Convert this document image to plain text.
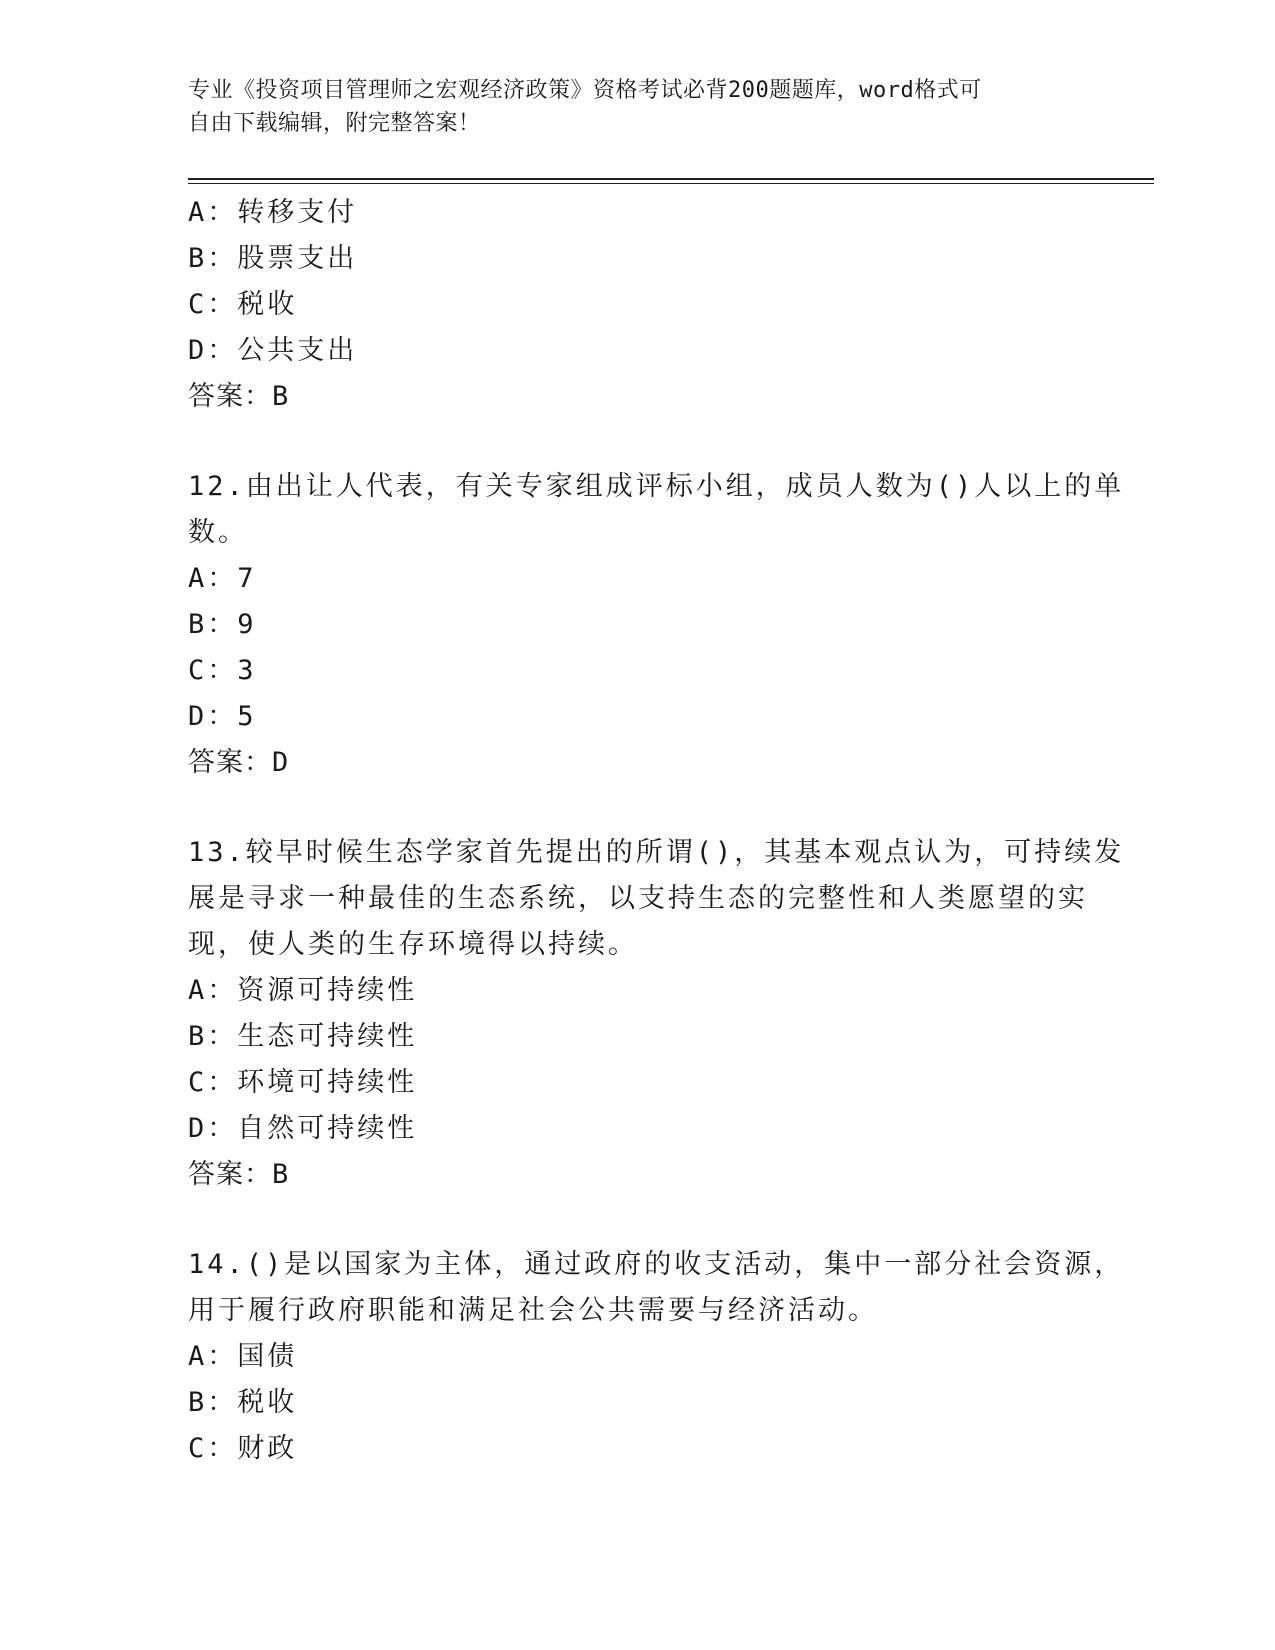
专业《投资项目管理师之宏观经济政策》资格考试必背200题题库，word格式可
自由下载编辑，附完整答案！
A：转移支付
B：股票支出
C：税收
D：公共支出
答案：B
12.由出让人代表，有关专家组成评标小组，成员人数为()人以上的单
数。
A：7
B：9
C：3
D：5
答案：D
13.较早时候生态学家首先提出的所谓()，其基本观点认为，可持续发
展是寻求一种最佳的生态系统，以支持生态的完整性和人类愿望的实
现，使人类的生存环境得以持续。
A：资源可持续性
B：生态可持续性
C：环境可持续性
D：自然可持续性
答案：B
14.()是以国家为主体，通过政府的收支活动，集中一部分社会资源，
用于履行政府职能和满足社会公共需要与经济活动。
A：国债
B：税收
C：财政
